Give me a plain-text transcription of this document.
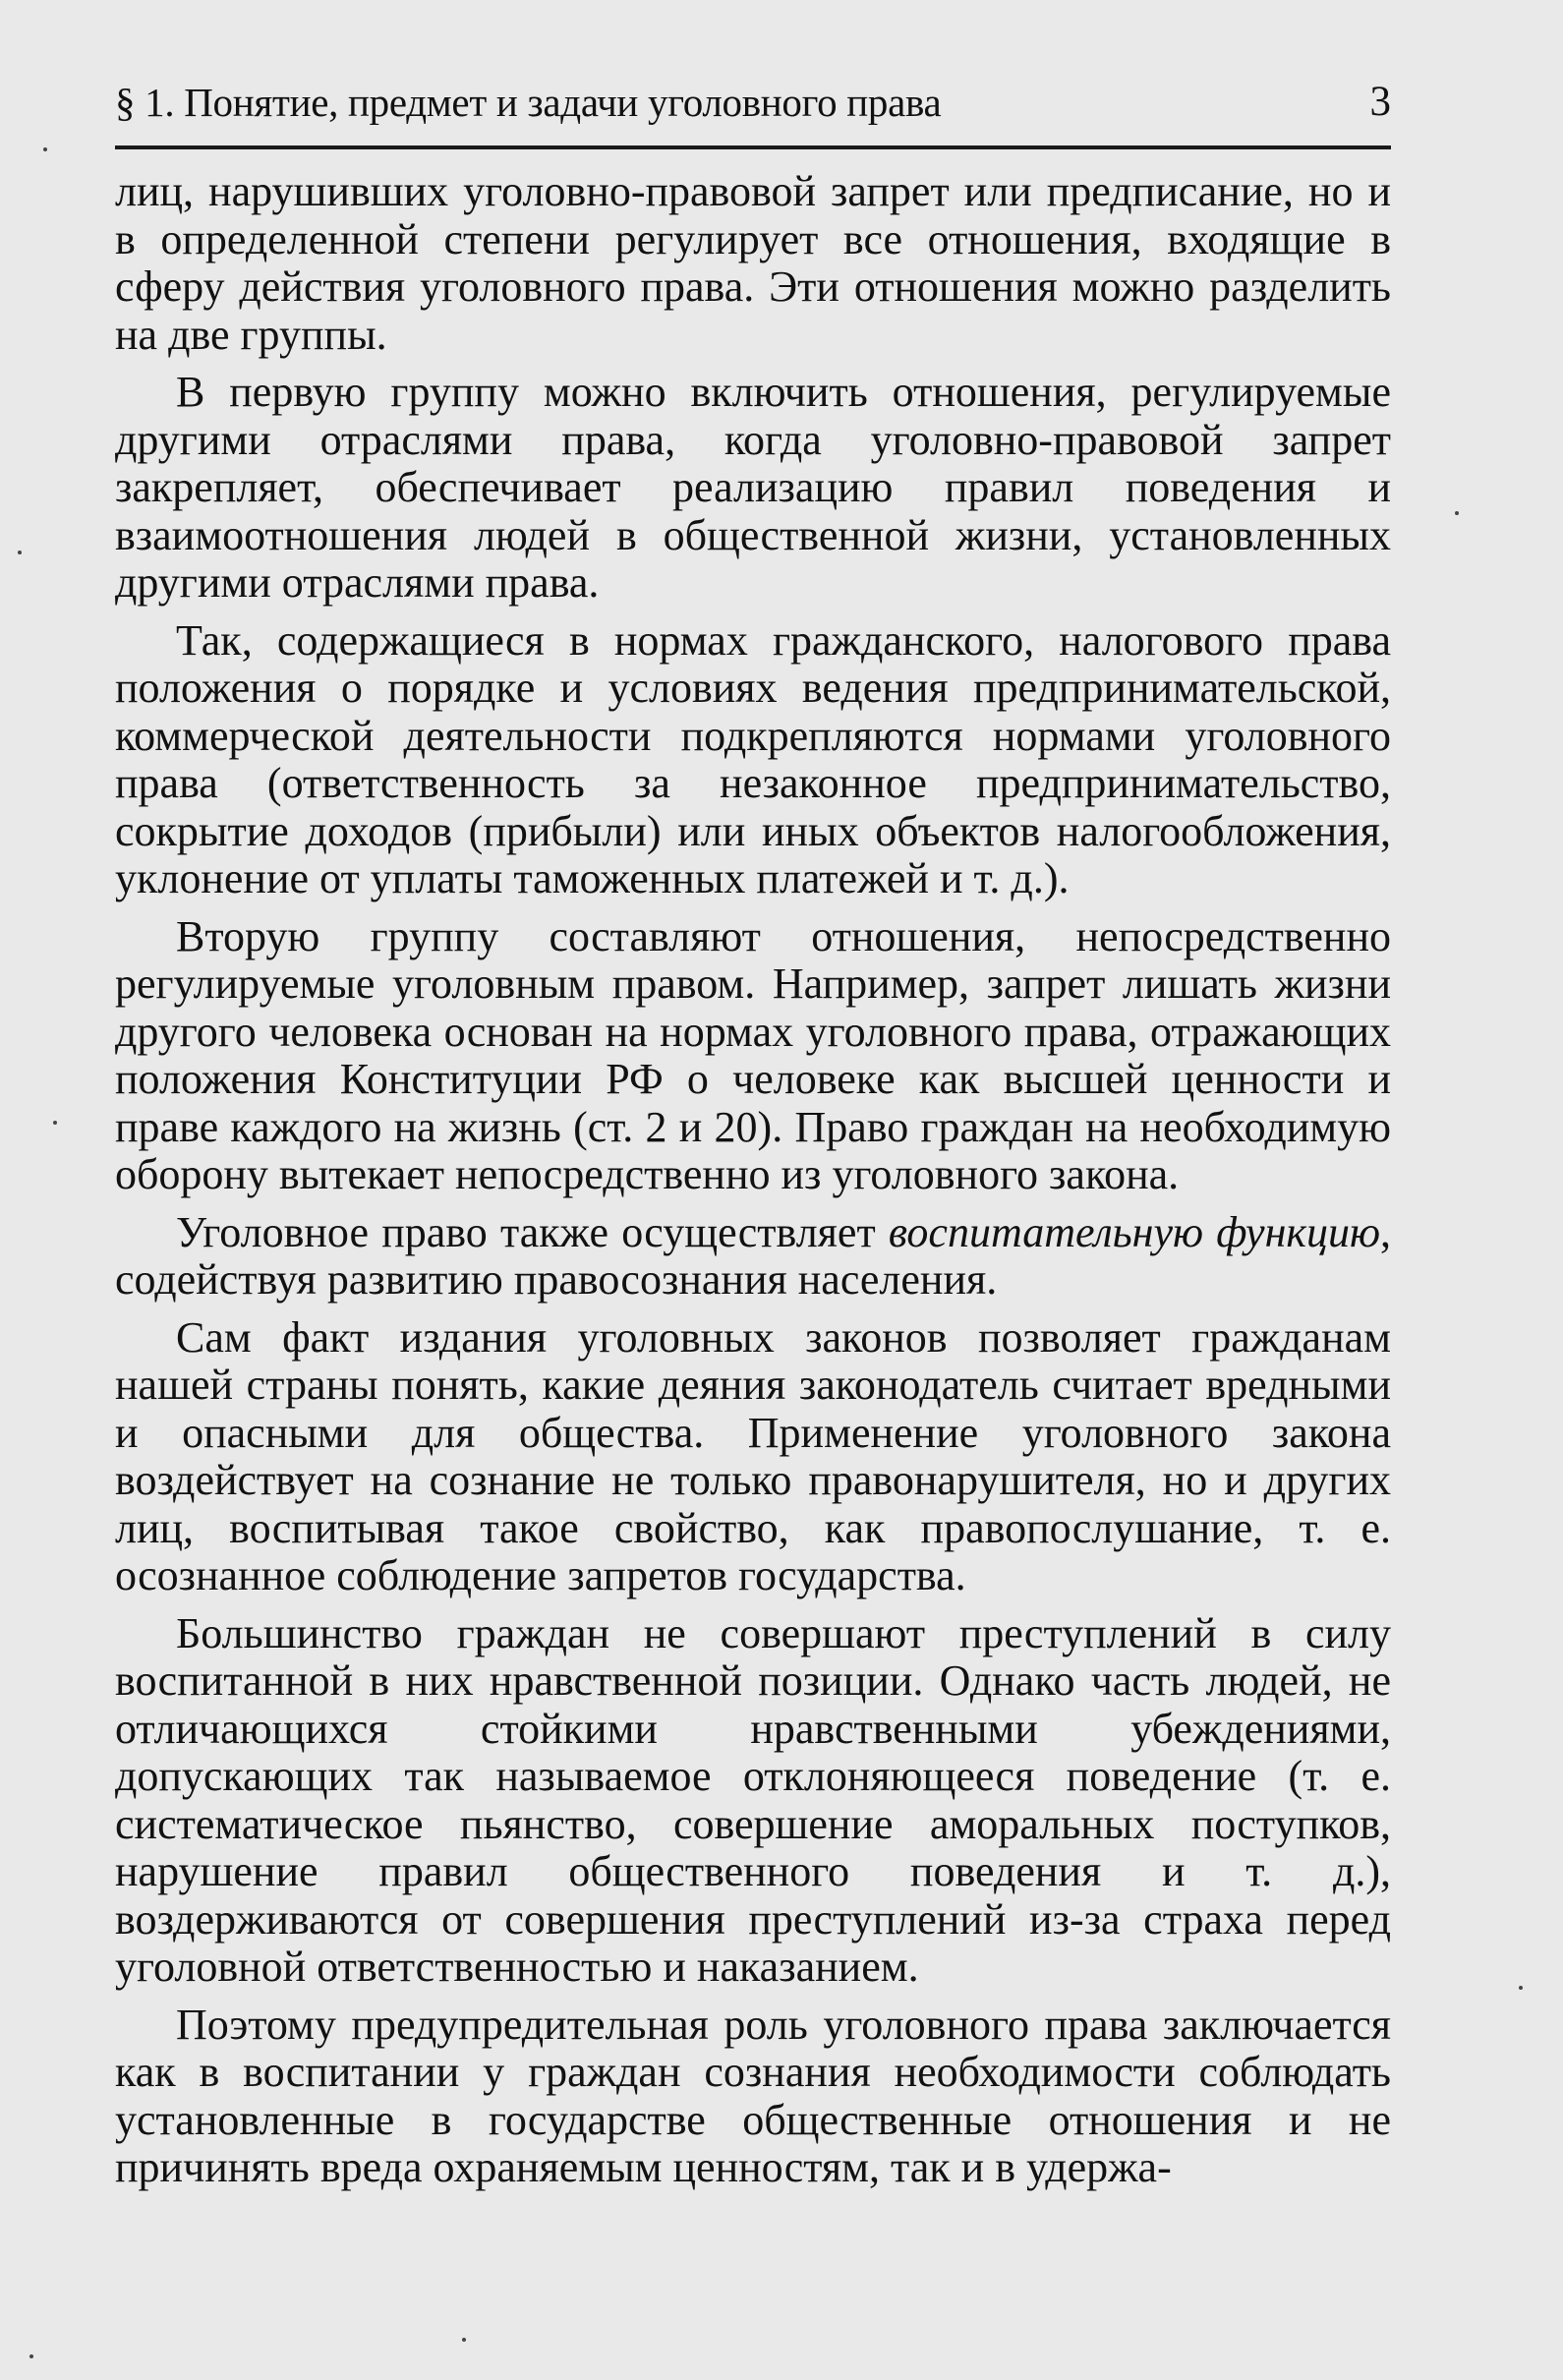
§ 1. Понятие, предмет и задачи уголовного права	3

лиц, нарушивших уголовно-правовой запрет или предписание, но и в определенной степени регулирует все отношения, входящие в сферу действия уголовного права. Эти отношения можно разделить на две группы.

В первую группу можно включить отношения, регулируемые другими отраслями права, когда уголовно-правовой запрет закрепляет, обеспечивает реализацию правил поведения и взаимоотношения людей в общественной жизни, установленных другими отраслями права.

Так, содержащиеся в нормах гражданского, налогового права положения о порядке и условиях ведения предпринимательской, коммерческой деятельности подкрепляются нормами уголовного права (ответственность за незаконное предпринимательство, сокрытие доходов (прибыли) или иных объектов налогообложения, уклонение от уплаты таможенных платежей и т. д.).

Вторую группу составляют отношения, непосредственно регулируемые уголовным правом. Например, запрет лишать жизни другого человека основан на нормах уголовного права, отражающих положения Конституции РФ о человеке как высшей ценности и праве каждого на жизнь (ст. 2 и 20). Право граждан на необходимую оборону вытекает непосредственно из уголовного закона.

Уголовное право также осуществляет воспитательную функцию, содействуя развитию правосознания населения.

Сам факт издания уголовных законов позволяет гражданам нашей страны понять, какие деяния законодатель считает вредными и опасными для общества. Применение уголовного закона воздействует на сознание не только правонарушителя, но и других лиц, воспитывая такое свойство, как правопослушание, т. е. осознанное соблюдение запретов государства.

Большинство граждан не совершают преступлений в силу воспитанной в них нравственной позиции. Однако часть людей, не отличающихся стойкими нравственными убеждениями, допускающих так называемое отклоняющееся поведение (т. е. систематическое пьянство, совершение аморальных поступков, нарушение правил общественного поведения и т. д.), воздерживаются от совершения преступлений из-за страха перед уголовной ответственностью и наказанием.

Поэтому предупредительная роль уголовного права заключается как в воспитании у граждан сознания необходимости соблюдать установленные в государстве общественные отношения и не причинять вреда охраняемым ценностям, так и в удержа-
